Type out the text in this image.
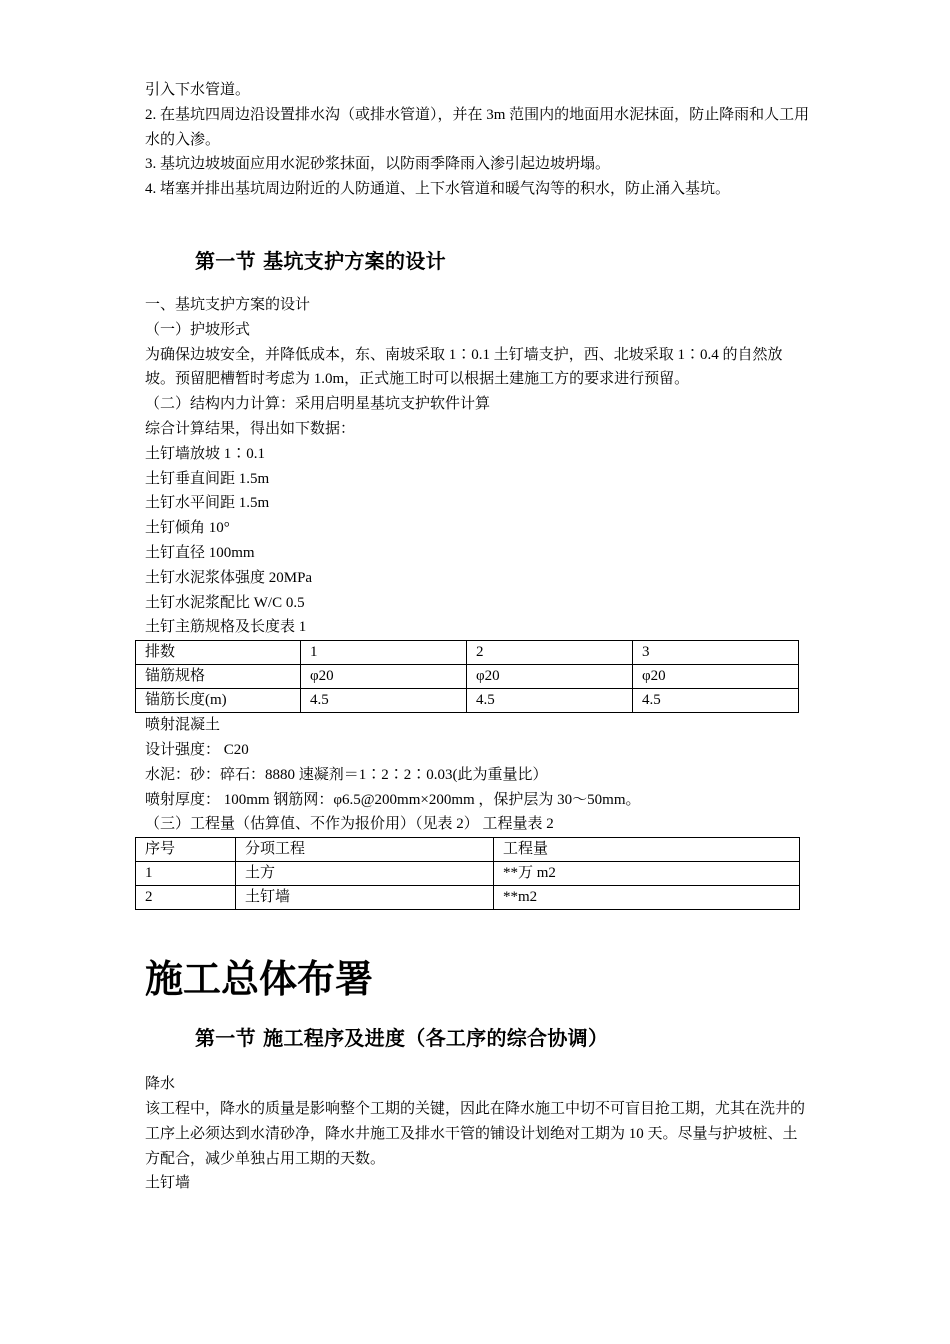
引入下水管道。

2. 在基坑四周边沿设置排水沟（或排水管道），并在 3m 范围内的地面用水泥抹面，防止降雨和人工用水的入渗。

3. 基坑边坡坡面应用水泥砂浆抹面，以防雨季降雨入渗引起边坡坍塌。

4. 堵塞并排出基坑周边附近的人防通道、上下水管道和暖气沟等的积水，防止涌入基坑。

第一节 基坑支护方案的设计

一、基坑支护方案的设计

（一）护坡形式

为确保边坡安全，并降低成本，东、南坡采取 1∶0.1 土钉墙支护，西、北坡采取 1∶0.4 的自然放坡。预留肥槽暂时考虑为 1.0m，正式施工时可以根据土建施工方的要求进行预留。

（二）结构内力计算：采用启明星基坑支护软件计算

综合计算结果，得出如下数据：

土钉墙放坡 1∶0.1

土钉垂直间距 1.5m

土钉水平间距 1.5m

土钉倾角 10°

土钉直径 100mm

土钉水泥浆体强度 20MPa

土钉水泥浆配比 W/C 0.5

土钉主筋规格及长度表 1

排数	1	2	3
锚筋规格	φ20	φ20	φ20
锚筋长度(m)	4.5	4.5	4.5

喷射混凝土

设计强度： C20

水泥：砂：碎石：8880 速凝剂＝1∶2∶2∶0.03(此为重量比）

喷射厚度： 100mm 钢筋网：φ6.5@200mm×200mm ，保护层为 30～50mm。

（三）工程量（估算值、不作为报价用）（见表 2） 工程量表 2

序号	分项工程	工程量
1	土方	**万 m2
2	土钉墙	**m2
施工总体布署
第一节 施工程序及进度（各工序的综合协调）

降水

该工程中，降水的质量是影响整个工期的关键，因此在降水施工中切不可盲目抢工期，尤其在洗井的工序上必须达到水清砂净，降水井施工及排水干管的铺设计划绝对工期为 10 天。尽量与护坡桩、土方配合，减少单独占用工期的天数。

土钉墙
